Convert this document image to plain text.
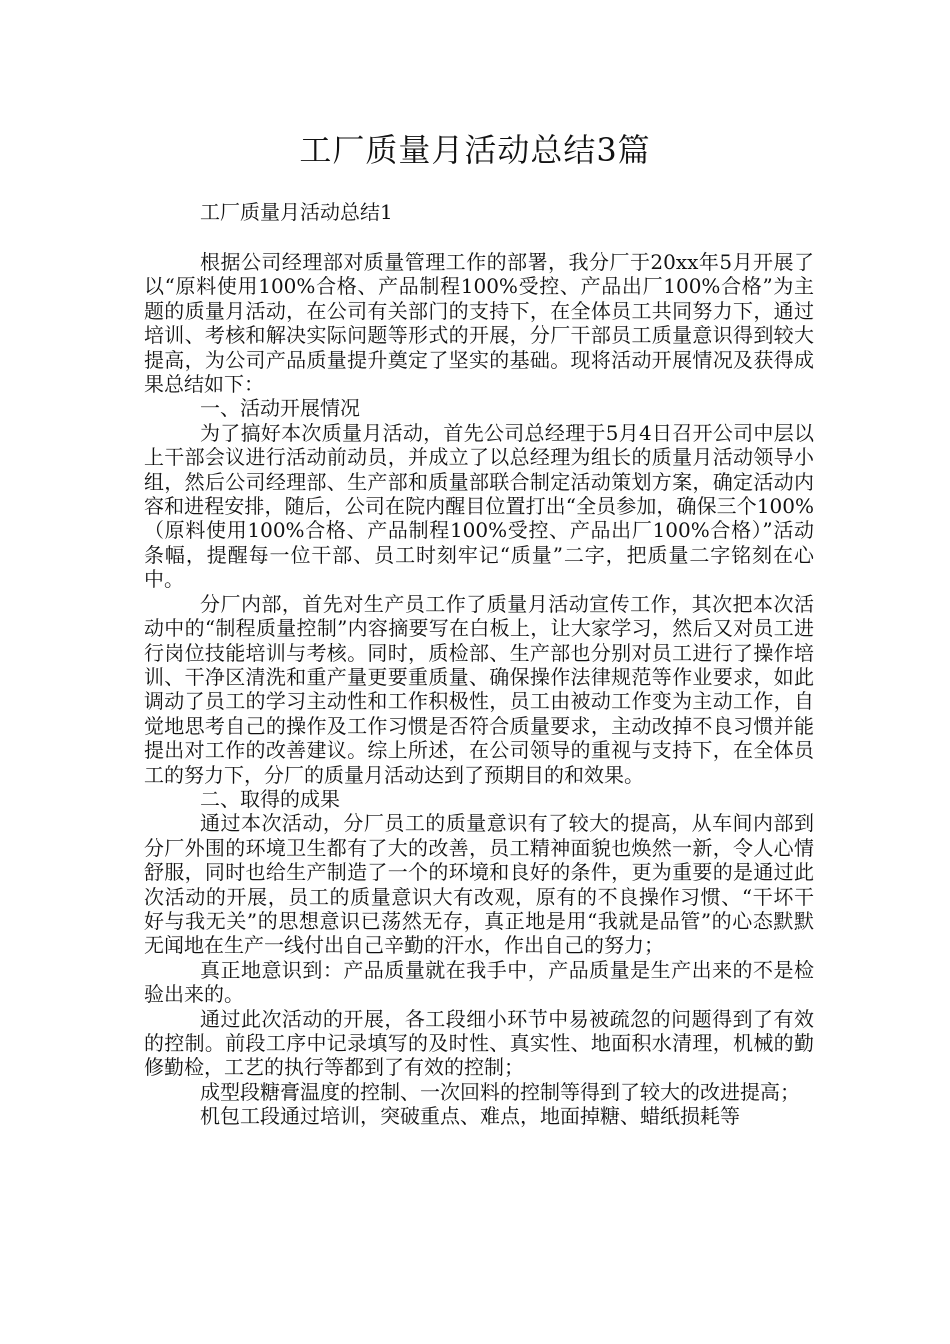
工厂质量月活动总结3篇
工厂质量月活动总结1

根据公司经理部对质量管理工作的部署，我分厂于20xx年5月开展了以“原料使用100%合格、产品制程100%受控、产品出厂100%合格”为主题的质量月活动，在公司有关部门的支持下，在全体员工共同努力下，通过培训、考核和解决实际问题等形式的开展，分厂干部员工质量意识得到较大提高，为公司产品质量提升奠定了坚实的基础。现将活动开展情况及获得成果总结如下：

一、活动开展情况

为了搞好本次质量月活动，首先公司总经理于5月4日召开公司中层以上干部会议进行活动前动员，并成立了以总经理为组长的质量月活动领导小组，然后公司经理部、生产部和质量部联合制定活动策划方案，确定活动内容和进程安排，随后，公司在院内醒目位置打出“全员参加，确保三个100%（原料使用100%合格、产品制程100%受控、产品出厂100%合格）”活动条幅，提醒每一位干部、员工时刻牢记“质量”二字，把质量二字铭刻在心中。

分厂内部，首先对生产员工作了质量月活动宣传工作，其次把本次活动中的“制程质量控制”内容摘要写在白板上，让大家学习，然后又对员工进行岗位技能培训与考核。同时，质检部、生产部也分别对员工进行了操作培训、干净区清洗和重产量更要重质量、确保操作法律规范等作业要求，如此调动了员工的学习主动性和工作积极性，员工由被动工作变为主动工作，自觉地思考自己的操作及工作习惯是否符合质量要求，主动改掉不良习惯并能提出对工作的改善建议。综上所述，在公司领导的重视与支持下，在全体员工的努力下，分厂的质量月活动达到了预期目的和效果。

二、取得的成果

通过本次活动，分厂员工的质量意识有了较大的提高，从车间内部到分厂外围的环境卫生都有了大的改善，员工精神面貌也焕然一新，令人心情舒服，同时也给生产制造了一个的环境和良好的条件，更为重要的是通过此次活动的开展，员工的质量意识大有改观，原有的不良操作习惯、“干坏干好与我无关”的思想意识已荡然无存，真正地是用“我就是品管”的心态默默无闻地在生产一线付出自己辛勤的汗水，作出自己的努力；

真正地意识到：产品质量就在我手中，产品质量是生产出来的不是检验出来的。

通过此次活动的开展，各工段细小环节中易被疏忽的问题得到了有效的控制。前段工序中记录填写的及时性、真实性、地面积水清理，机械的勤修勤检，工艺的执行等都到了有效的控制；

成型段糖膏温度的控制、一次回料的控制等得到了较大的改进提高；

机包工段通过培训，突破重点、难点，地面掉糖、蜡纸损耗等
